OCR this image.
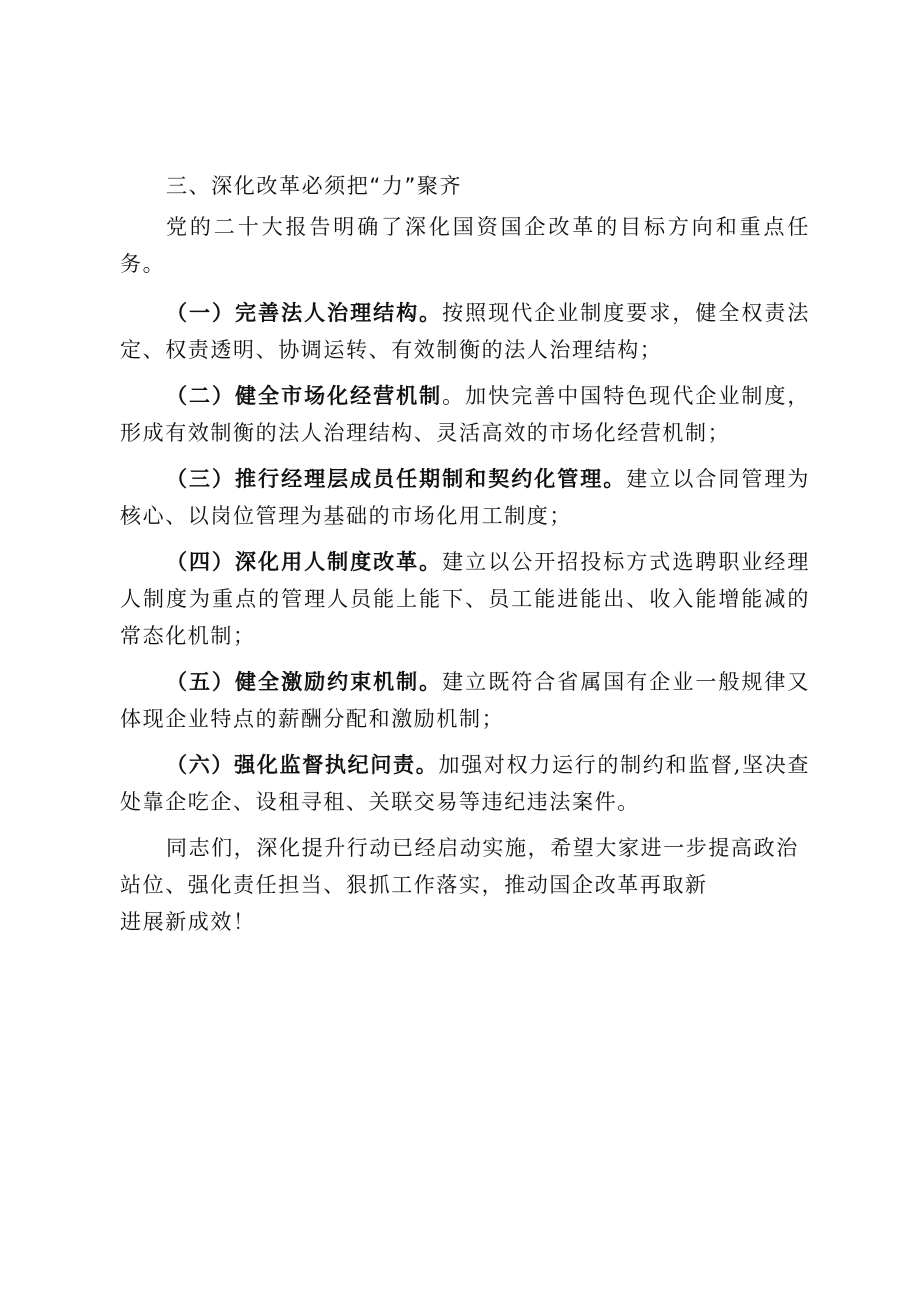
三、深化改革必须把“力”聚齐

党的二十大报告明确了深化国资国企改革的目标方向和重点任务。

（一）完善法人治理结构。按照现代企业制度要求，健全权责法定、权责透明、协调运转、有效制衡的法人治理结构；

（二）健全市场化经营机制。加快完善中国特色现代企业制度，形成有效制衡的法人治理结构、灵活高效的市场化经营机制；

（三）推行经理层成员任期制和契约化管理。建立以合同管理为核心、以岗位管理为基础的市场化用工制度；

（四）深化用人制度改革。建立以公开招投标方式选聘职业经理人制度为重点的管理人员能上能下、员工能进能出、收入能增能减的常态化机制；

（五）健全激励约束机制。建立既符合省属国有企业一般规律又体现企业特点的薪酬分配和激励机制；

（六）强化监督执纪问责。加强对权力运行的制约和监督,坚决查处靠企吃企、设租寻租、关联交易等违纪违法案件。

同志们，深化提升行动已经启动实施，希望大家进一步提高政治站位、强化责任担当、狠抓工作落实，推动国企改革再取新
进展新成效！
